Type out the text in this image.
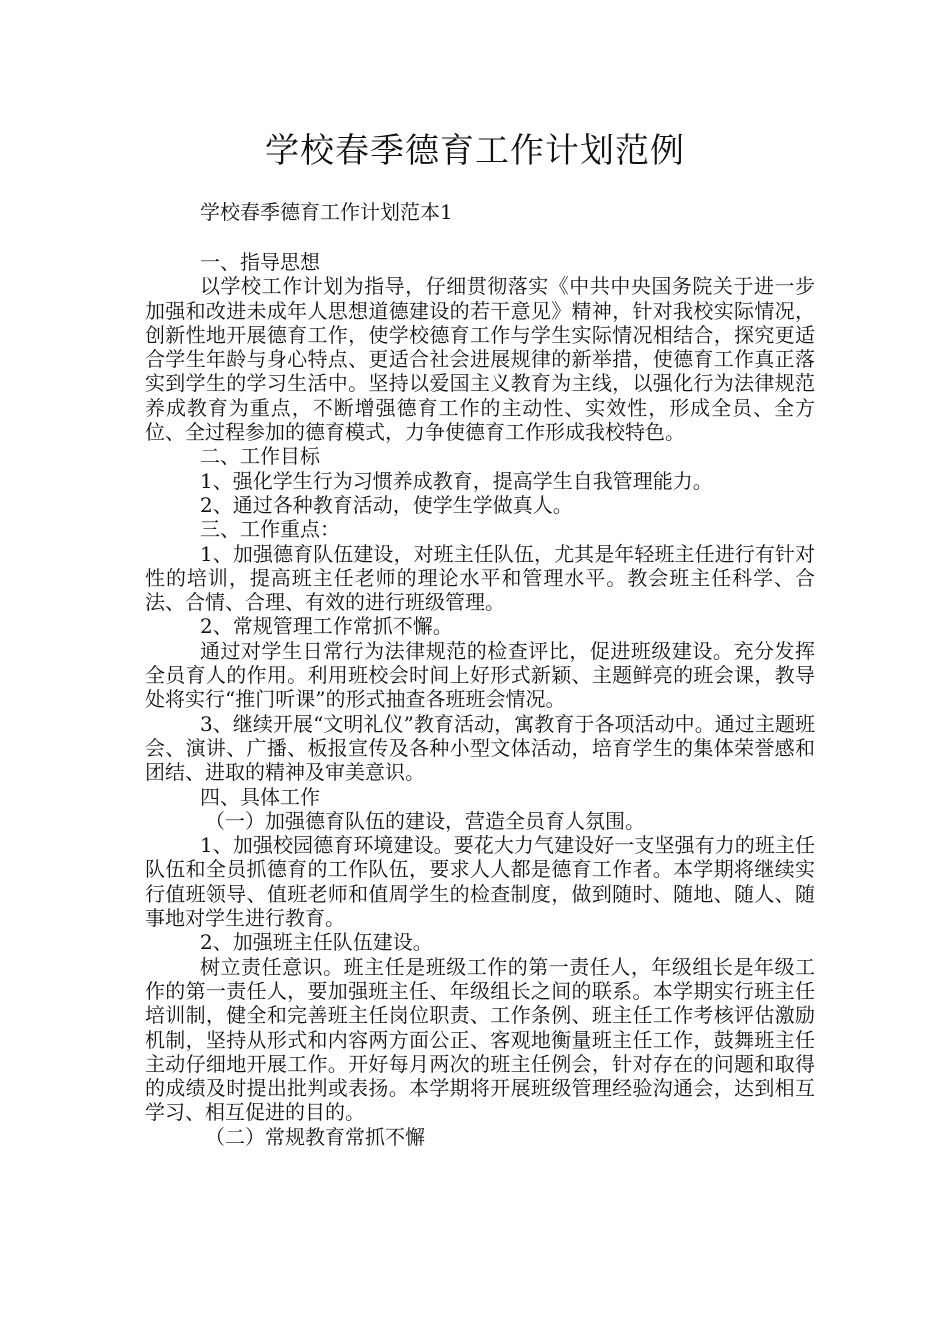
学校春季德育工作计划范例

学校春季德育工作计划范本1

一、指导思想

以学校工作计划为指导，仔细贯彻落实《中共中央国务院关于进一步加强和改进未成年人思想道德建设的若干意见》精神，针对我校实际情况，创新性地开展德育工作，使学校德育工作与学生实际情况相结合，探究更适合学生年龄与身心特点、更适合社会进展规律的新举措，使德育工作真正落实到学生的学习生活中。坚持以爱国主义教育为主线，以强化行为法律规范养成教育为重点，不断增强德育工作的主动性、实效性，形成全员、全方位、全过程参加的德育模式，力争使德育工作形成我校特色。

二、工作目标

1、强化学生行为习惯养成教育，提高学生自我管理能力。

2、通过各种教育活动，使学生学做真人。

三、工作重点：

1、加强德育队伍建设，对班主任队伍，尤其是年轻班主任进行有针对性的培训，提高班主任老师的理论水平和管理水平。教会班主任科学、合法、合情、合理、有效的进行班级管理。

2、常规管理工作常抓不懈。

通过对学生日常行为法律规范的检查评比，促进班级建设。充分发挥全员育人的作用。利用班校会时间上好形式新颖、主题鲜亮的班会课，教导处将实行“推门听课”的形式抽查各班班会情况。

3、继续开展“文明礼仪”教育活动，寓教育于各项活动中。通过主题班会、演讲、广播、板报宣传及各种小型文体活动，培育学生的集体荣誉感和团结、进取的精神及审美意识。

四、具体工作

（一）加强德育队伍的建设，营造全员育人氛围。

1、加强校园德育环境建设。要花大力气建设好一支坚强有力的班主任队伍和全员抓德育的工作队伍，要求人人都是德育工作者。本学期将继续实行值班领导、值班老师和值周学生的检查制度，做到随时、随地、随人、随事地对学生进行教育。

2、加强班主任队伍建设。

树立责任意识。班主任是班级工作的第一责任人，年级组长是年级工作的第一责任人，要加强班主任、年级组长之间的联系。本学期实行班主任培训制，健全和完善班主任岗位职责、工作条例、班主任工作考核评估激励机制，坚持从形式和内容两方面公正、客观地衡量班主任工作，鼓舞班主任主动仔细地开展工作。开好每月两次的班主任例会，针对存在的问题和取得的成绩及时提出批判或表扬。本学期将开展班级管理经验沟通会，达到相互学习、相互促进的目的。

（二）常规教育常抓不懈
